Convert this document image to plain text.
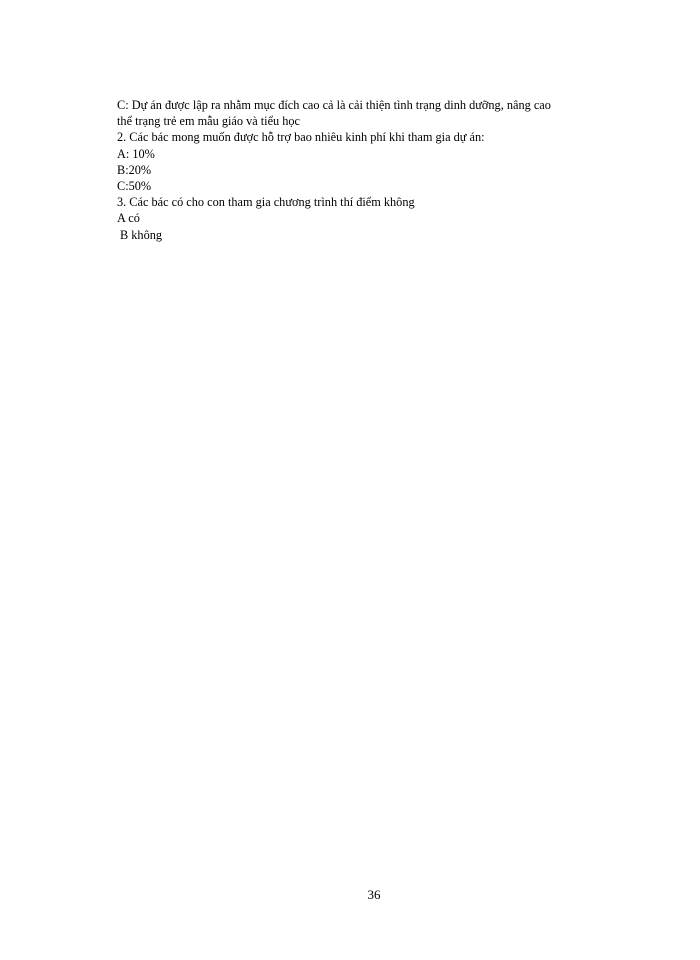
C: Dự án được lập ra nhằm mục đích cao cả là cải thiện tình trạng dinh dưỡng, nâng cao

thể trạng trẻ em mẫu giáo và tiểu học

2. Các bác mong muốn được hỗ trợ bao nhiêu kinh phí khi tham gia dự án:

A: 10%

B:20%

C:50%

3. Các bác có cho con tham gia chương trình thí điểm không

A có

B không

36
